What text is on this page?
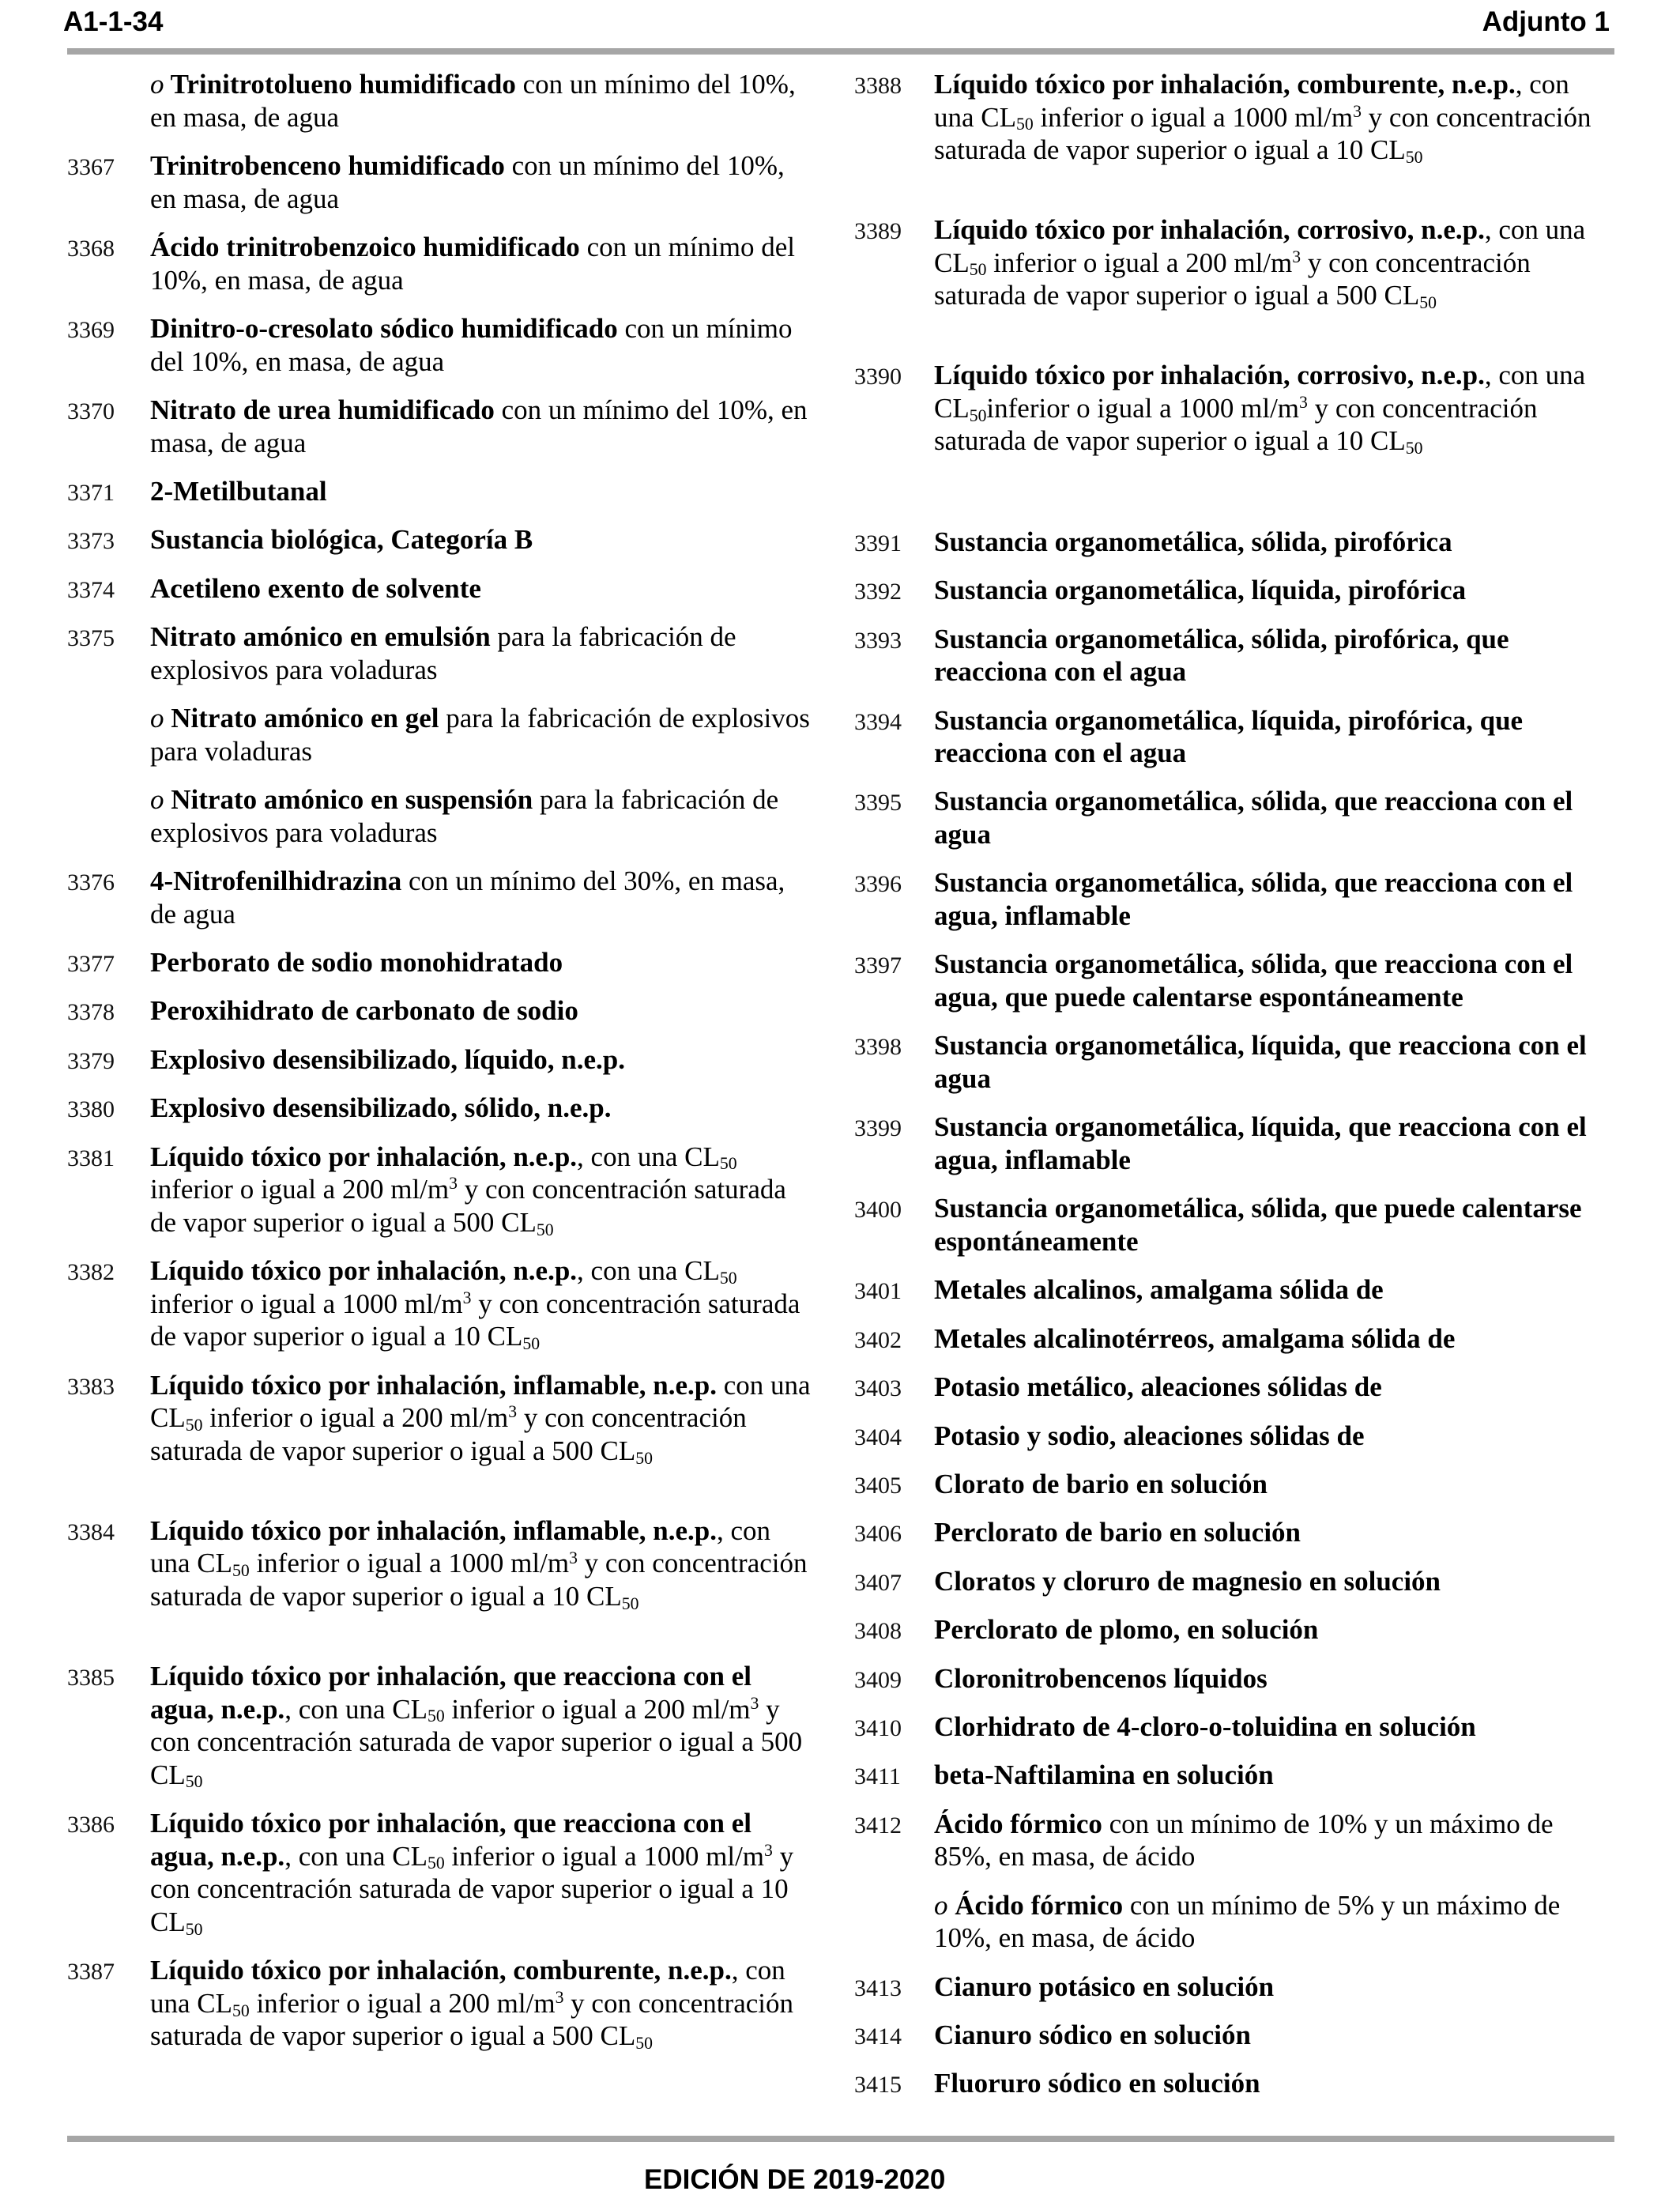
A1-1-34	Adjunto 1
o Trinitrotolueno humidificado con un mínimo del 10%,
en masa, de agua
3367	Trinitrobenceno humidificado con un mínimo del 10%,
en masa, de agua
3368	Ácido trinitrobenzoico humidificado con un mínimo del
10%, en masa, de agua
3369	Dinitro-o-cresolato sódico humidificado con un mínimo
del 10%, en masa, de agua
3370	Nitrato de urea humidificado con un mínimo del 10%, en
masa, de agua
3371	2-Metilbutanal
3373	Sustancia biológica, Categoría B
3374	Acetileno exento de solvente
3375	Nitrato amónico en emulsión para la fabricación de
explosivos para voladuras
o Nitrato amónico en gel para la fabricación de explosivos
para voladuras
o Nitrato amónico en suspensión para la fabricación de
explosivos para voladuras
3376	4-Nitrofenilhidrazina con un mínimo del 30%, en masa,
de agua
3377	Perborato de sodio monohidratado
3378	Peroxihidrato de carbonato de sodio
3379	Explosivo desensibilizado, líquido, n.e.p.
3380	Explosivo desensibilizado, sólido, n.e.p.
3381	Líquido tóxico por inhalación, n.e.p., con una CL50
inferior o igual a 200 $ml/m^3$ y con concentración saturada
de vapor superior o igual a 500 CL50
3382	Líquido tóxico por inhalación, n.e.p., con una CL50
inferior o igual a 1000 $ml/m^3$ y con concentración saturada
de vapor superior o igual a 10 CL50
3383	Líquido tóxico por inhalación, inflamable, n.e.p. con una
CL50 inferior o igual a 200 $ml/m^3$ y con concentración
saturada de vapor superior o igual a 500 CL50
3384	Líquido tóxico por inhalación, inflamable, n.e.p., con
una CL50 inferior o igual a 1000 $ml/m^3$ y con concentración
saturada de vapor superior o igual a 10 CL50
3385	Líquido tóxico por inhalación, que reacciona con el
agua, n.e.p., con una CL50 inferior o igual a 200 $ml/m^3$ y
con concentración saturada de vapor superior o igual a 500
CL50
3386	Líquido tóxico por inhalación, que reacciona con el
agua, n.e.p., con una CL50 inferior o igual a 1000 $ml/m^3$ y
con concentración saturada de vapor superior o igual a 10
CL50
3387	Líquido tóxico por inhalación, comburente, n.e.p., con
una CL50 inferior o igual a 200 $ml/m^3$ y con concentración
saturada de vapor superior o igual a 500 CL50
3388	Líquido tóxico por inhalación, comburente, n.e.p., con
una CL50 inferior o igual a 1000 $ml/m^3$ y con concentración
saturada de vapor superior o igual a 10 CL50
3389	Líquido tóxico por inhalación, corrosivo, n.e.p., con una
CL50 inferior o igual a 200 $ml/m^3$ y con concentración
saturada de vapor superior o igual a 500 CL50
3390	Líquido tóxico por inhalación, corrosivo, n.e.p., con una
CL50inferior o igual a 1000 $ml/m^3$ y con concentración
saturada de vapor superior o igual a 10 CL50
3391	Sustancia organometálica, sólida, pirofórica
3392	Sustancia organometálica, líquida, pirofórica
3393	Sustancia organometálica, sólida, pirofórica, que
reacciona con el agua
3394	Sustancia organometálica, líquida, pirofórica, que
reacciona con el agua
3395	Sustancia organometálica, sólida, que reacciona con el
agua
3396	Sustancia organometálica, sólida, que reacciona con el
agua, inflamable
3397	Sustancia organometálica, sólida, que reacciona con el
agua, que puede calentarse espontáneamente
3398	Sustancia organometálica, líquida, que reacciona con el
agua
3399	Sustancia organometálica, líquida, que reacciona con el
agua, inflamable
3400	Sustancia organometálica, sólida, que puede calentarse
espontáneamente
3401	Metales alcalinos, amalgama sólida de
3402	Metales alcalinotérreos, amalgama sólida de
3403	Potasio metálico, aleaciones sólidas de
3404	Potasio y sodio, aleaciones sólidas de
3405	Clorato de bario en solución
3406	Perclorato de bario en solución
3407	Cloratos y cloruro de magnesio en solución
3408	Perclorato de plomo, en solución
3409	Cloronitrobencenos líquidos
3410	Clorhidrato de 4-cloro-o-toluidina en solución
3411	beta-Naftilamina en solución
3412	Ácido fórmico con un mínimo de 10% y un máximo de
85%, en masa, de ácido
o Ácido fórmico con un mínimo de 5% y un máximo de
10%, en masa, de ácido
3413	Cianuro potásico en solución
3414	Cianuro sódico en solución
3415	Fluoruro sódico en solución
EDICIÓN DE 2019-2020
